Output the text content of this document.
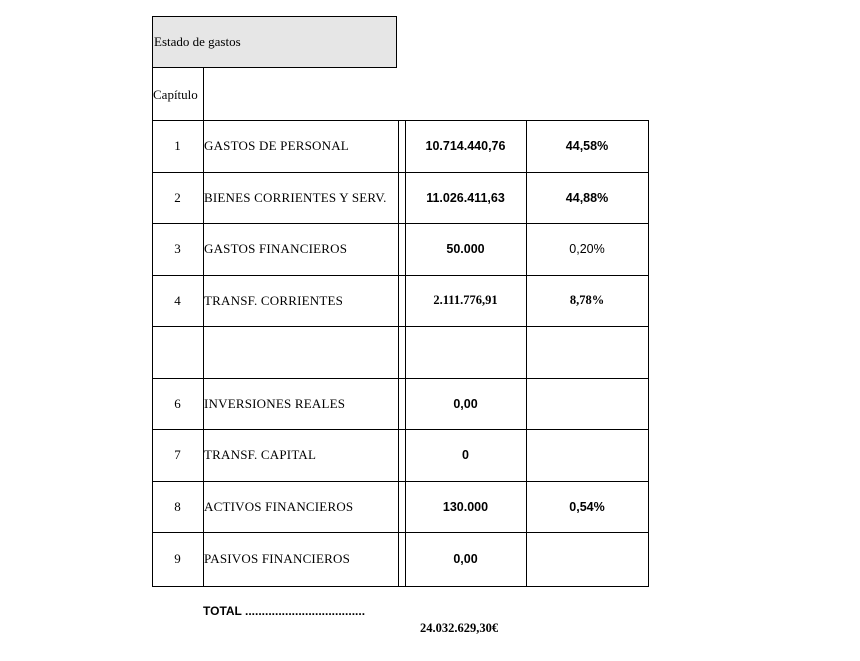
Estado de gastos
Capítulo
1	GASTOS DE PERSONAL	10.714.440,76	44,58%
2	BIENES CORRIENTES Y SERV.	11.026.411,63	44,88%
3	GASTOS FINANCIEROS	50.000	0,20%
4	TRANSF. CORRIENTES	2.111.776,91	8,78%
6	INVERSIONES REALES	0,00
7	TRANSF. CAPITAL	0
8	ACTIVOS FINANCIEROS	130.000	0,54%
9	PASIVOS FINANCIEROS	0,00
TOTAL ....................................
24.032.629,30€
